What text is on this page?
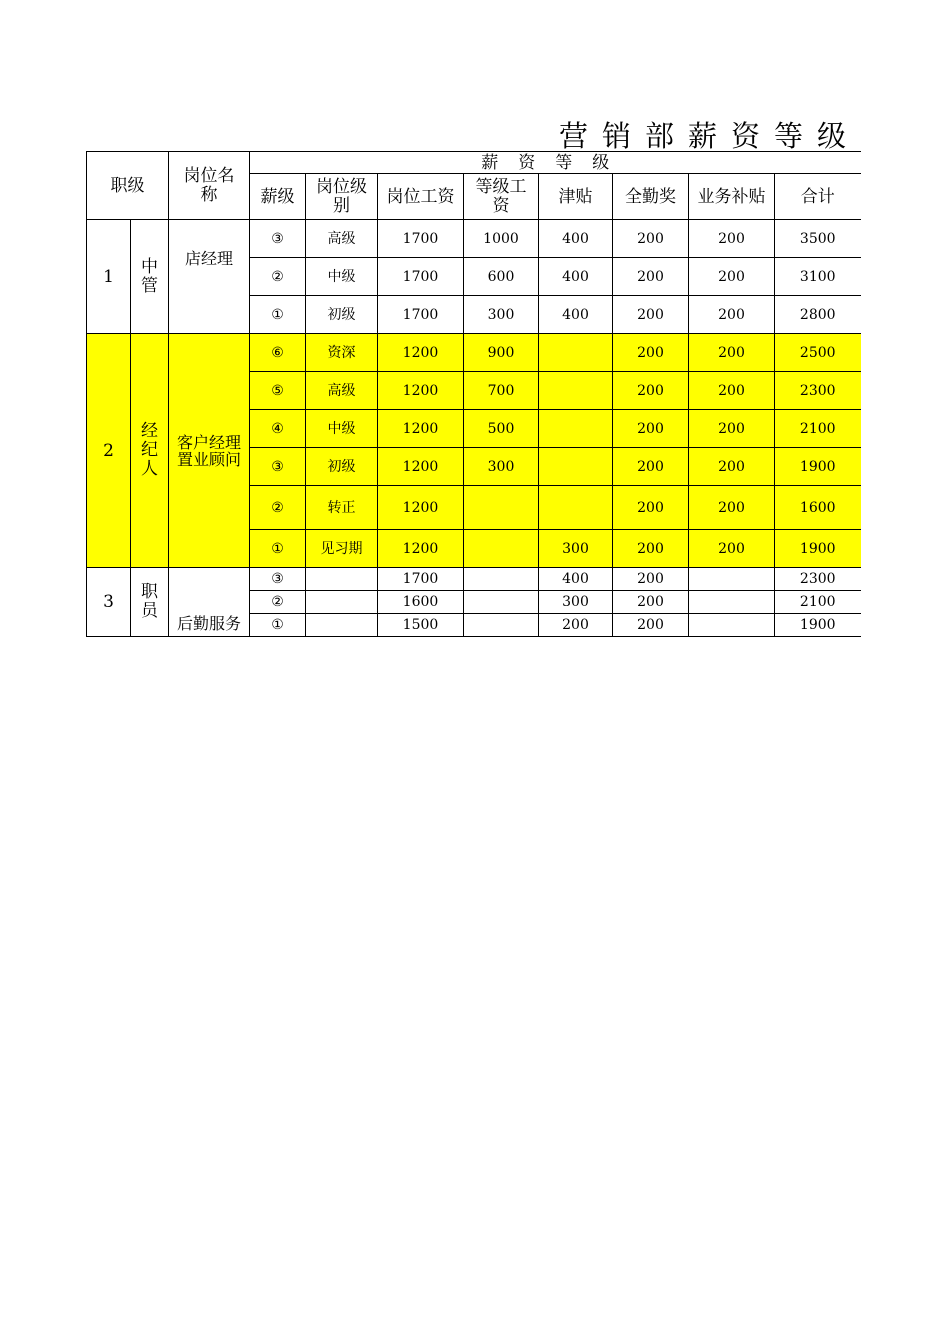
营销部薪资等级
职级		岗位名称	薪资等级							
			薪级	岗位级别	岗位工资	等级工资	津贴	全勤奖	业务补贴	合计
1	中管	店经理	③	高级	1700	1000	400	200	200	3500
			②	中级	1700	600	400	200	200	3100
			①	初级	1700	300	400	200	200	2800
2	经纪人	客户经理置业顾问	⑥	资深	1200	900		200	200	2500
			⑤	高级	1200	700		200	200	2300
			④	中级	1200	500		200	200	2100
			③	初级	1200	300		200	200	1900
			②	转正	1200			200	200	1600
			①	见习期	1200		300	200	200	1900
3	职员	后勤服务	③		1700		400	200		2300
			②		1600		300	200		2100
			①		1500		200	200		1900
